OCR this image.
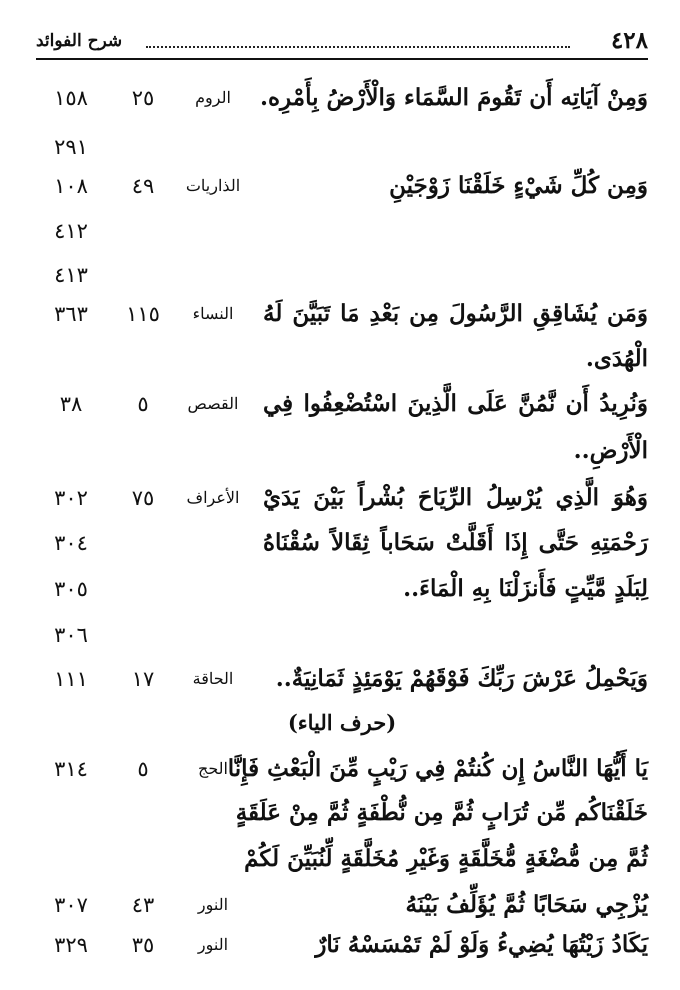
٤٢٨
شرح الفوائد
وَمِنْ آيَاتِه أَن تَقُومَ السَّمَاء وَالْأَرْضُ بِأَمْرِه.
الروم
٢٥
١٥٨
٢٩١
وَمِن كُلِّ شَيْءٍ خَلَقْنَا زَوْجَيْنِ
الذاريات
٤٩
١٠٨
٤١٢
٤١٣
وَمَن يُشَاقِقِ الرَّسُولَ مِن بَعْدِ مَا تَبَيَّنَ لَهُ
النساء
١١٥
٣٦٣
الْهُدَى.
وَنُرِيدُ أَن نَّمُنَّ عَلَى الَّذِينَ اسْتُضْعِفُوا فِي
القصص
٥
٣٨
الْأَرْضِ..
وَهُوَ الَّذِي يُرْسِلُ الرِّيَاحَ بُشْراً بَيْنَ يَدَيْ
الأعراف
٧٥
٣٠٢
رَحْمَتِهِ حَتَّى إِذَا أَقَلَّتْ سَحَاباً ثِقَالاً سُقْنَاهُ
٣٠٤
لِبَلَدٍ مَّيِّتٍ فَأَنزَلْنَا بِهِ الْمَاءَ..
٣٠٥
٣٠٦
وَيَحْمِلُ عَرْشَ رَبِّكَ فَوْقَهُمْ يَوْمَئِذٍ ثَمَانِيَةٌ..
الحاقة
١٧
١١١
(حرف الياء)
يَا أَيُّهَا النَّاسُ إِن كُنتُمْ فِي رَيْبٍ مِّنَ الْبَعْثِ فَإِنَّا
الحج
٥
٣١٤
خَلَقْنَاكُم مِّن تُرَابٍ ثُمَّ مِن نُّطْفَةٍ ثُمَّ مِنْ عَلَقَةٍ
ثُمَّ مِن مُّضْغَةٍ مُّخَلَّقَةٍ وَغَيْرِ مُخَلَّقَةٍ لِّنُبَيِّنَ لَكُمْ
يُزْجِي سَحَابًا ثُمَّ يُؤَلِّفُ بَيْنَهُ
النور
٤٣
٣٠٧
يَكَادُ زَيْتُهَا يُضِيءُ وَلَوْ لَمْ تَمْسَسْهُ نَارٌ
النور
٣٥
٣٢٩
